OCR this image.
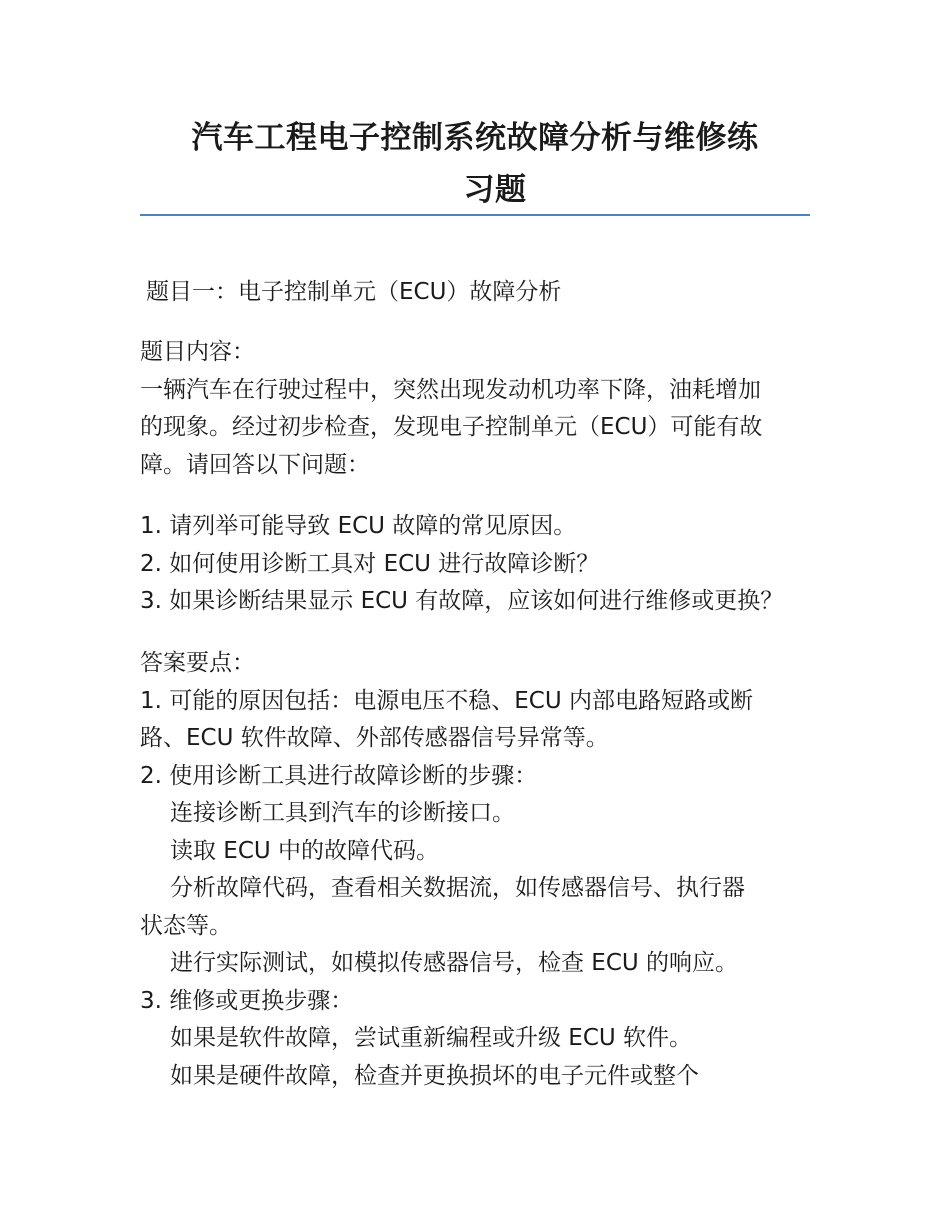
汽车工程电子控制系统故障分析与维修练
习题
题目一：电子控制单元（ECU）故障分析
题目内容：
一辆汽车在行驶过程中，突然出现发动机功率下降，油耗增加
的现象。经过初步检查，发现电子控制单元（ECU）可能有故
障。请回答以下问题：
1. 请列举可能导致 ECU 故障的常见原因。
2. 如何使用诊断工具对 ECU 进行故障诊断？
3. 如果诊断结果显示 ECU 有故障，应该如何进行维修或更换？
答案要点：
1. 可能的原因包括：电源电压不稳、ECU 内部电路短路或断
路、ECU 软件故障、外部传感器信号异常等。
2. 使用诊断工具进行故障诊断的步骤：
连接诊断工具到汽车的诊断接口。
读取 ECU 中的故障代码。
分析故障代码，查看相关数据流，如传感器信号、执行器
状态等。
进行实际测试，如模拟传感器信号，检查 ECU 的响应。
3. 维修或更换步骤：
如果是软件故障，尝试重新编程或升级 ECU 软件。
如果是硬件故障，检查并更换损坏的电子元件或整个
